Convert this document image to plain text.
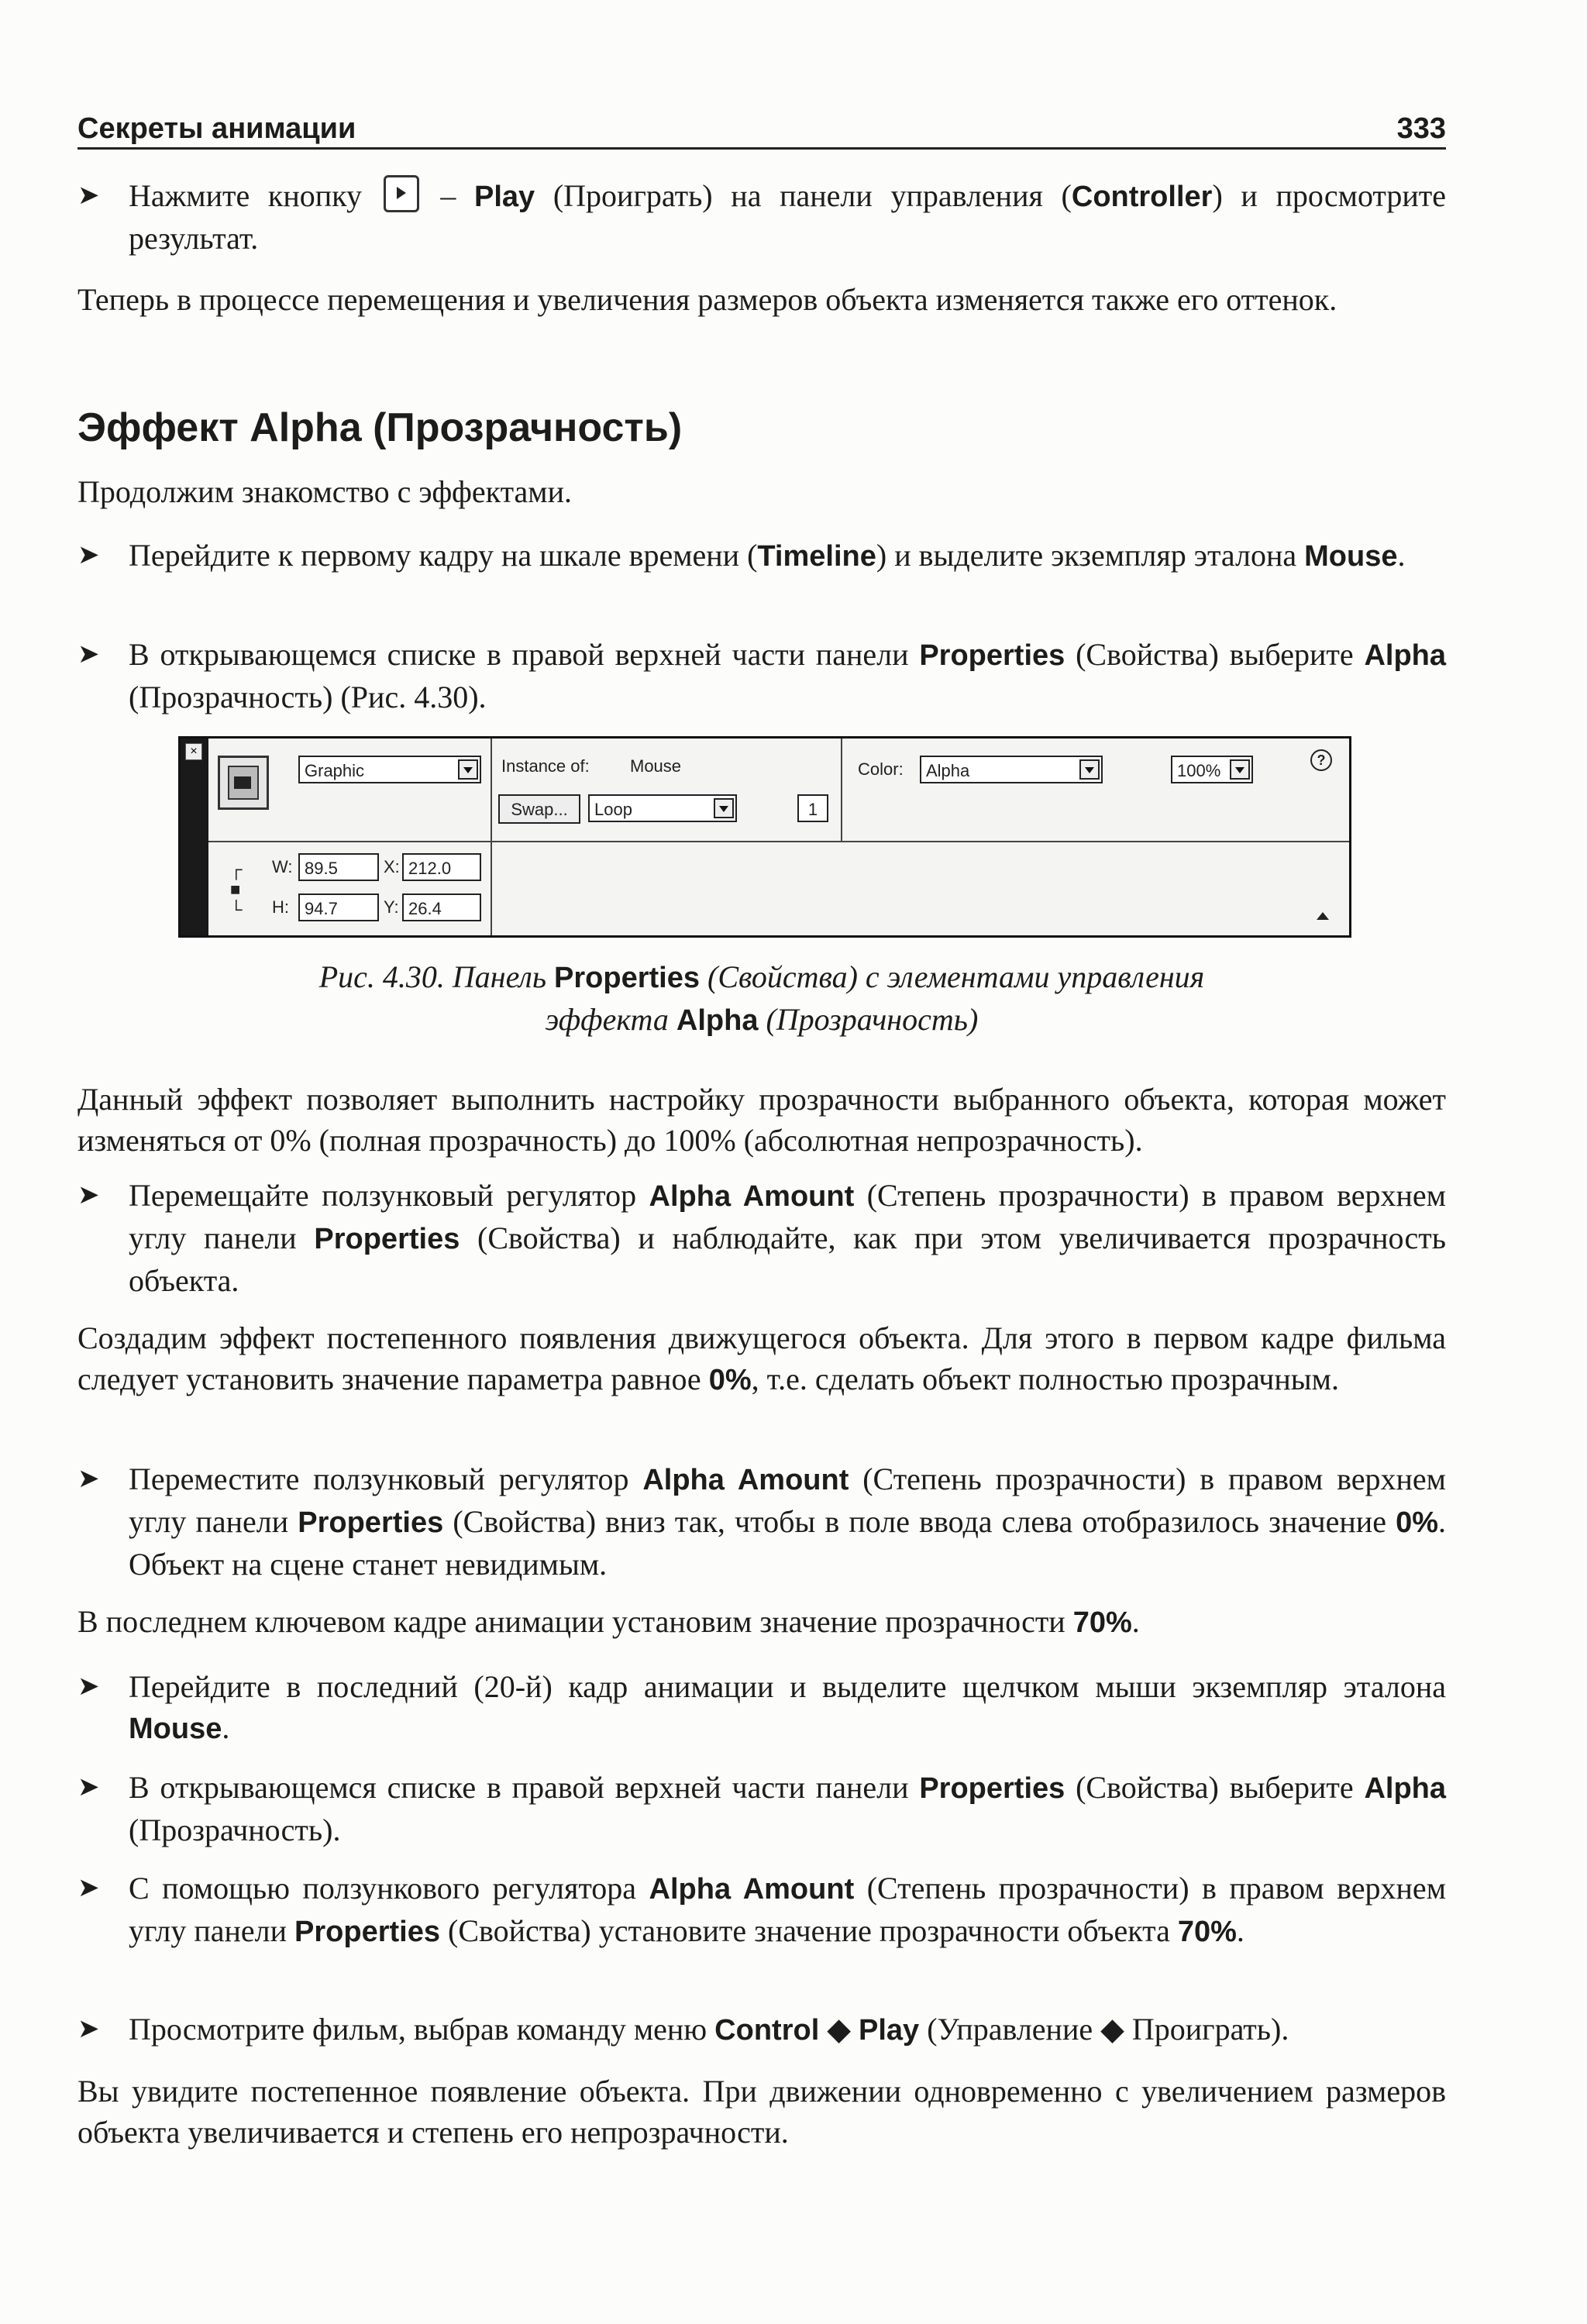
Секреты анимации	333
➤ Нажмите кнопку  – Play (Проиграть) на панели управления (Controller) и просмотрите результат.
Теперь в процессе перемещения и увеличения размеров объекта изменяется также его оттенок.
Эффект Alpha (Прозрачность)
Продолжим знакомство с эффектами.
➤ Перейдите к первому кадру на шкале времени (Timeline) и выделите экземпляр эталона Mouse.
➤ В открывающемся списке в правой верхней части панели Properties (Свойства) выберите Alpha (Прозрачность) (Рис. 4.30).
×
Graphic	Instance of: Mouse
Swap...	Loop	1
Color:	Alpha	100%
?
┌
■
└
W: 89.5	X: 212.0
H: 94.7	Y: 26.4
Рис. 4.30. Панель Properties (Свойства) с элементами управления
эффекта Alpha (Прозрачность)
Данный эффект позволяет выполнить настройку прозрачности выбранного объекта, которая может изменяться от 0% (полная прозрачность) до 100% (абсолютная непрозрачность).
➤ Перемещайте ползунковый регулятор Alpha Amount (Степень прозрачности) в правом верхнем углу панели Properties (Свойства) и наблюдайте, как при этом увеличивается прозрачность объекта.
Создадим эффект постепенного появления движущегося объекта. Для этого в первом кадре фильма следует установить значение параметра равное 0%, т.е. сделать объект полностью прозрачным.
➤ Переместите ползунковый регулятор Alpha Amount (Степень прозрачности) в правом верхнем углу панели Properties (Свойства) вниз так, чтобы в поле ввода слева отобразилось значение 0%. Объект на сцене станет невидимым.
В последнем ключевом кадре анимации установим значение прозрачности 70%.
➤ Перейдите в последний (20-й) кадр анимации и выделите щелчком мыши экземпляр эталона Mouse.
➤ В открывающемся списке в правой верхней части панели Properties (Свойства) выберите Alpha (Прозрачность).
➤ С помощью ползункового регулятора Alpha Amount (Степень прозрачности) в правом верхнем углу панели Properties (Свойства) установите значение прозрачности объекта 70%.
➤ Просмотрите фильм, выбрав команду меню Control ◆ Play (Управление ◆ Проиграть).
Вы увидите постепенное появление объекта. При движении одновременно с увеличением размеров объекта увеличивается и степень его непрозрачности.
